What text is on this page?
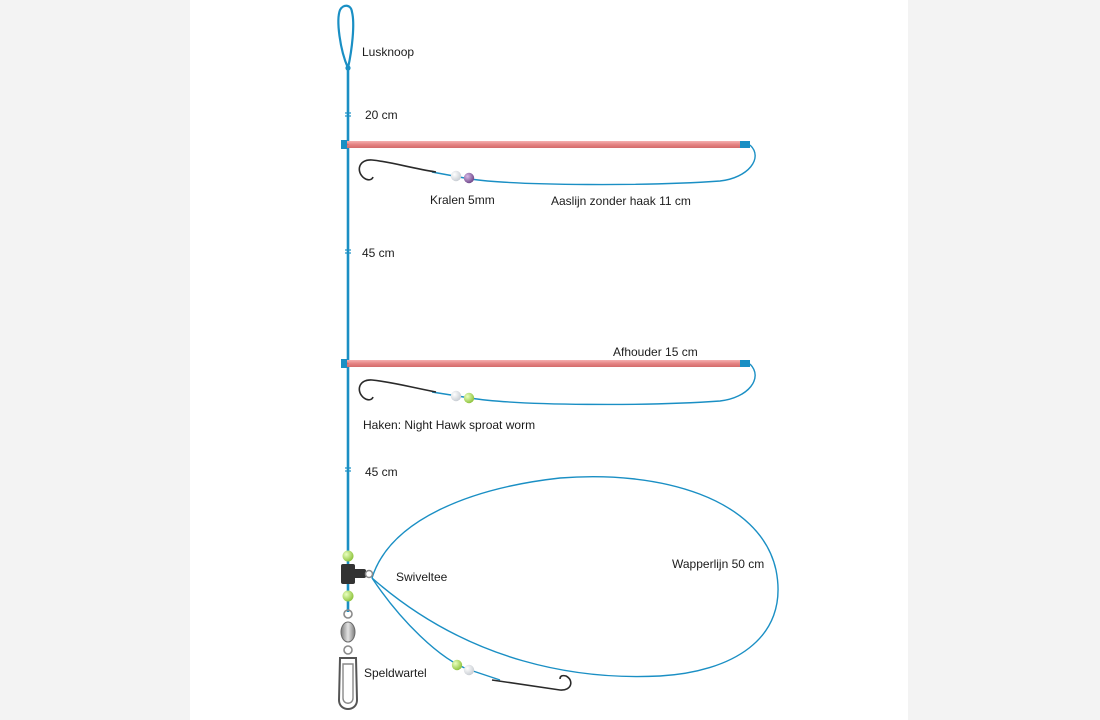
Lusknoop
20 cm
Kralen 5mm	Aaslijn zonder haak 11 cm
45 cm
Afhouder 15 cm
Haken: Night Hawk sproat worm
45 cm
Wapperlijn 50 cm
Swiveltee
Speldwartel
